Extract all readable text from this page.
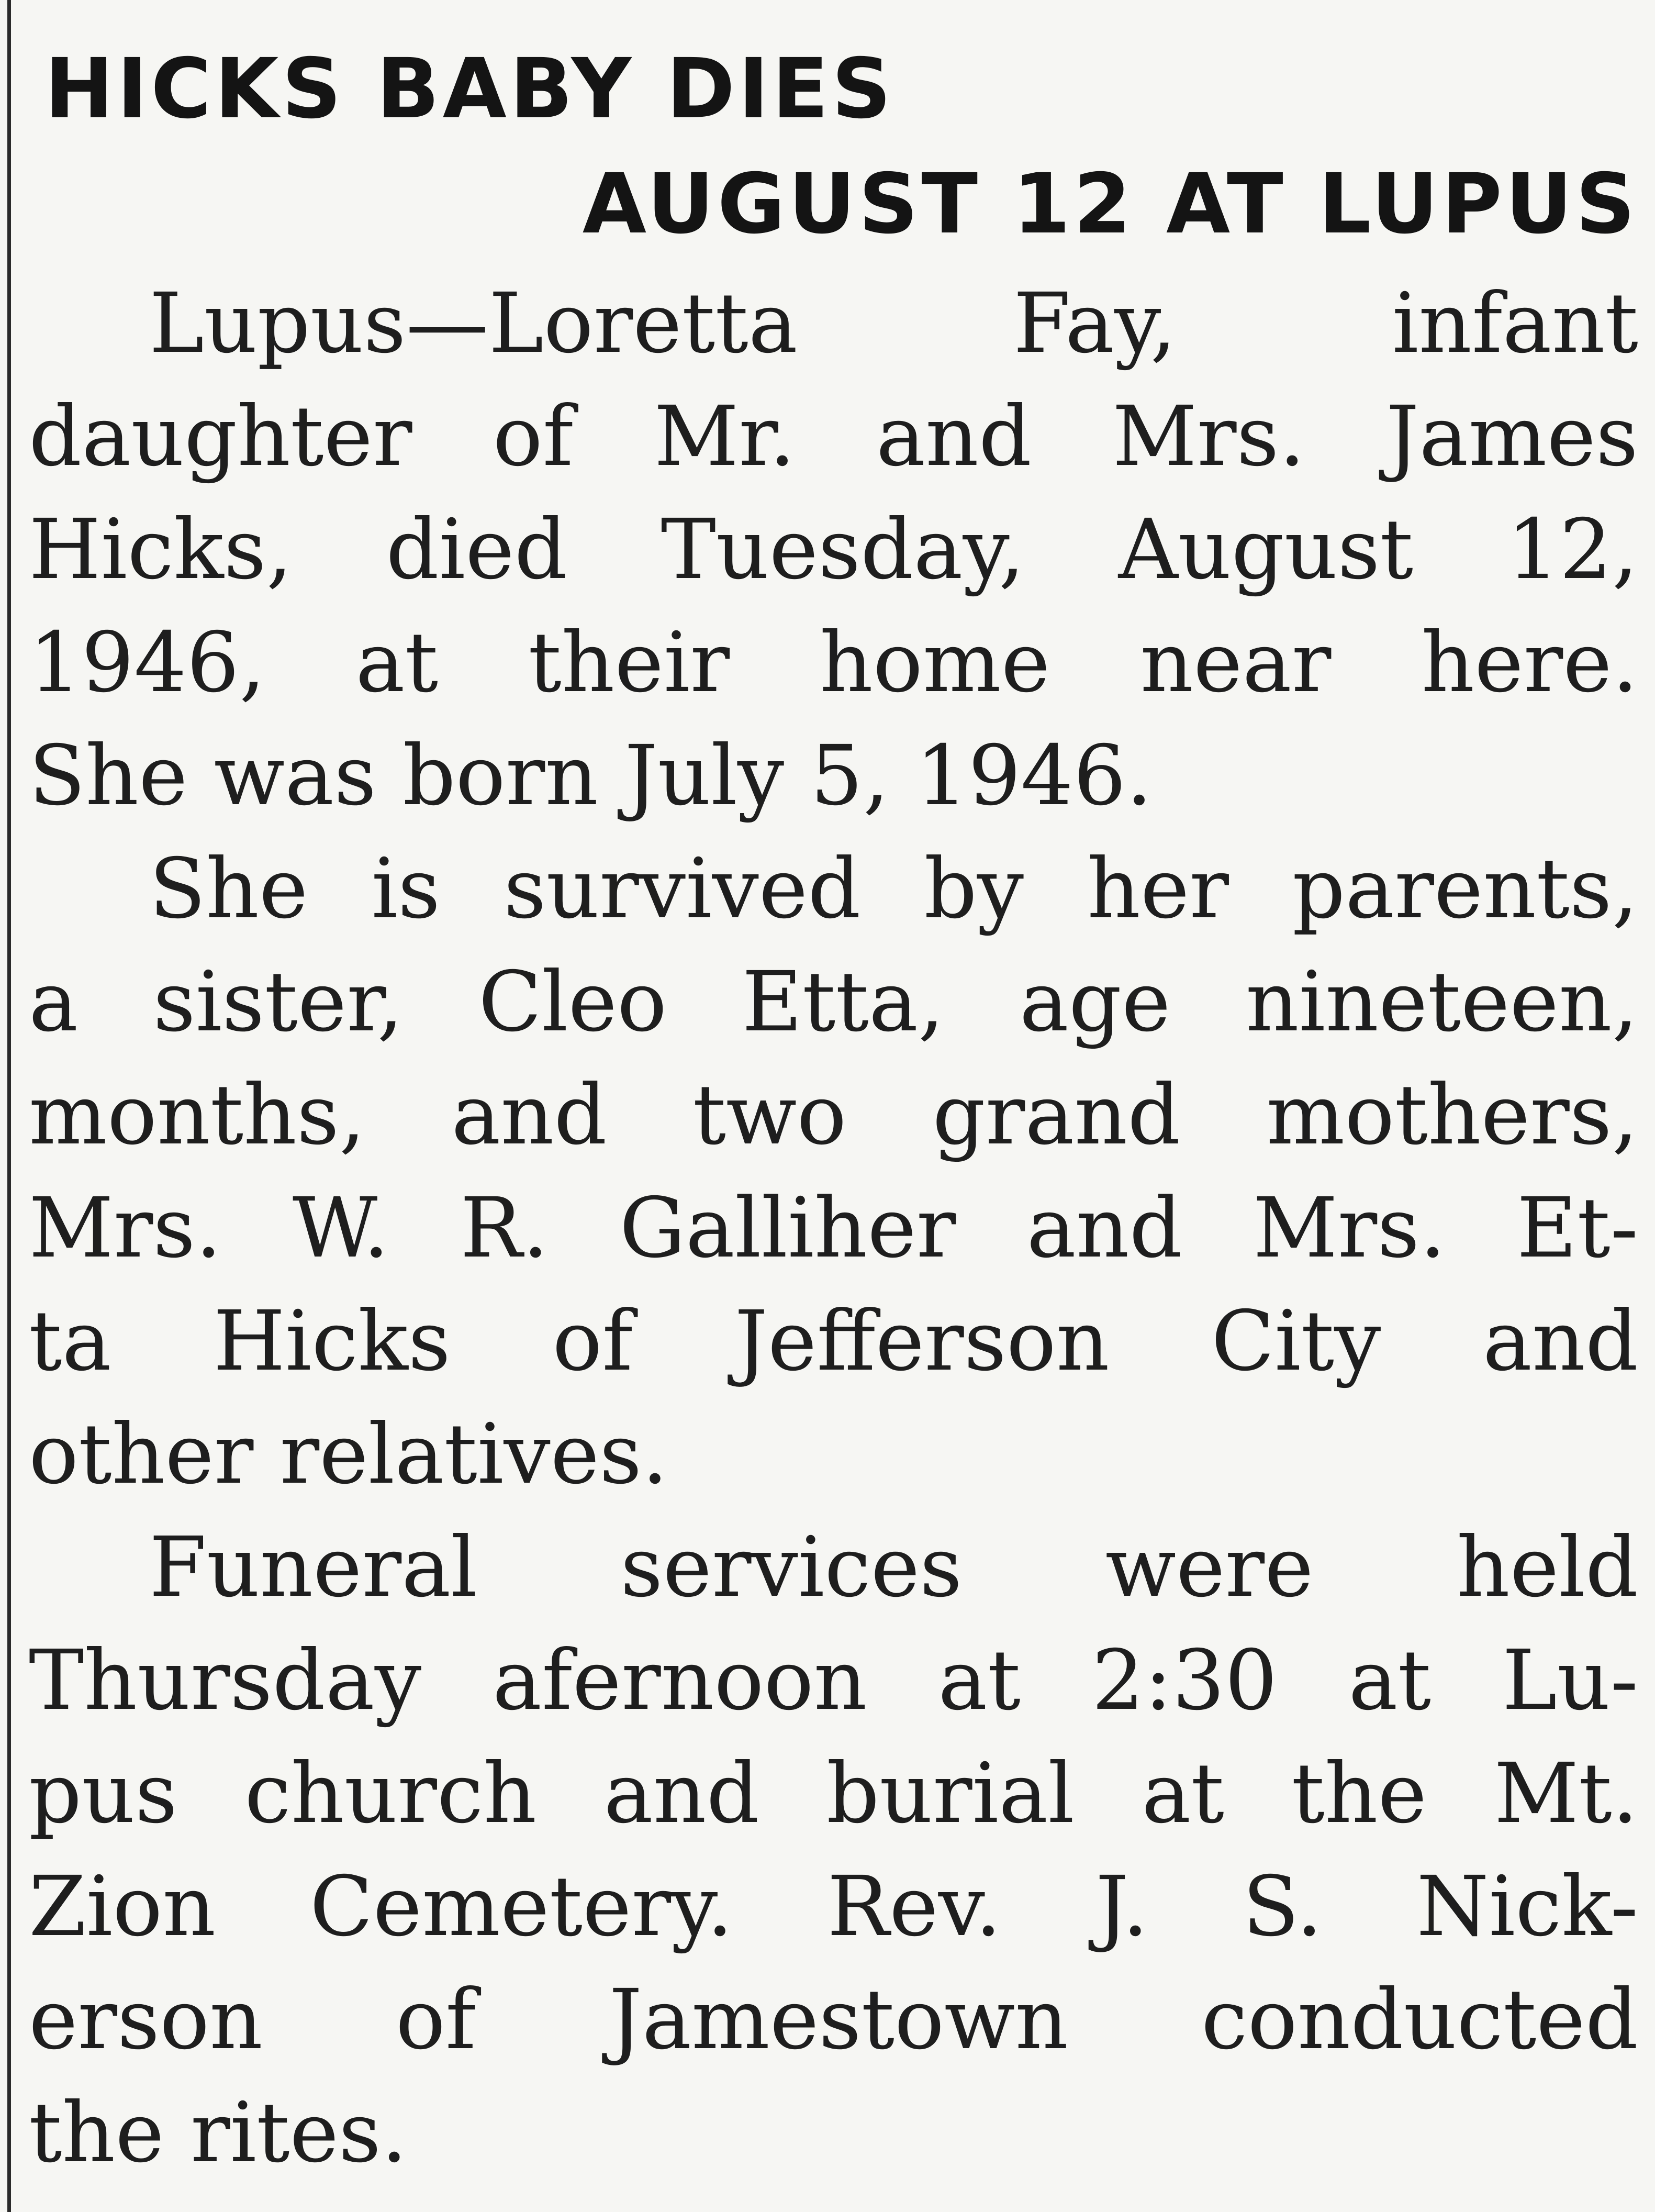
HICKS BABY DIES
AUGUST 12 AT LUPUS

Lupus—Loretta Fay, infant
daughter of Mr. and Mrs. James
Hicks, died Tuesday, August 12,
1946, at their home near here.
She was born July 5, 1946.

She is survived by her parents,
a sister, Cleo Etta, age nineteen,
months, and two grand mothers,
Mrs. W. R. Galliher and Mrs. Et-
ta Hicks of Jefferson City and
other relatives.

Funeral services were held
Thursday afernoon at 2:30 at Lu-
pus church and burial at the Mt.
Zion Cemetery. Rev. J. S. Nick-
erson of Jamestown conducted
the rites.
